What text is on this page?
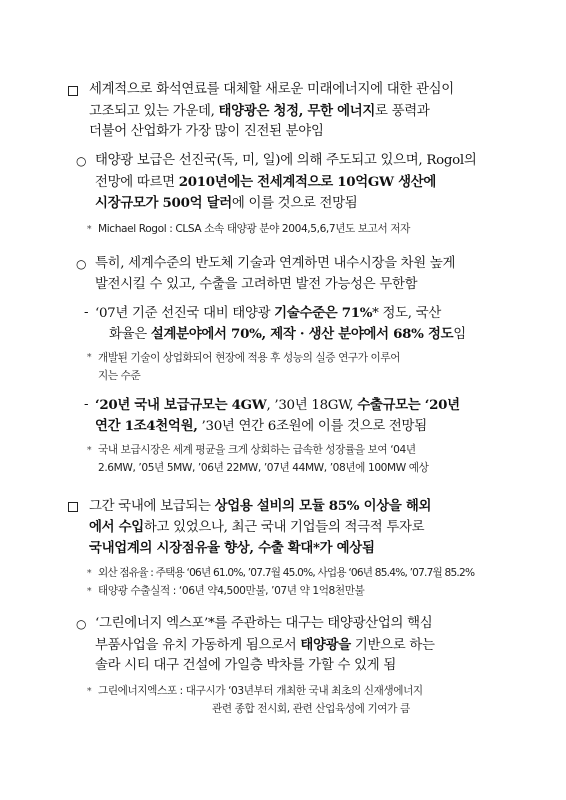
세계적으로 화석연료를 대체할 새로운 미래에너지에 대한 관심이
고조되고 있는 가운데, 태양광은 청정, 무한 에너지로 풍력과
더불어 산업화가 가장 많이 진전된 분야임
○ 태양광 보급은 선진국(독, 미, 일)에 의해 주도되고 있으며, Rogol의
전망에 따르면 2010년에는 전세계적으로 10억GW 생산에
시장규모가 500억 달러에 이를 것으로 전망됨
* Michael Rogol : CLSA 소속 태양광 분야 2004,5,6,7년도 보고서 저자
○ 특히, 세계수준의 반도체 기술과 연계하면 내수시장을 차원 높게
발전시킬 수 있고, 수출을 고려하면 발전 가능성은 무한함
- ‘07년 기준 선진국 대비 태양광 기술수준은 71%* 정도, 국산
화율은 설계분야에서 70%, 제작 · 생산 분야에서 68% 정도임
* 개발된 기술이 상업화되어 현장에 적용 후 성능의 실증 연구가 이루어
지는 수준
- ‘20년 국내 보급규모는 4GW, ’30년 18GW, 수출규모는 ‘20년
연간 1조4천억원, ’30년 연간 6조원에 이를 것으로 전망됨
* 국내 보급시장은 세계 평균을 크게 상회하는 급속한 성장률을 보여 ‘04년
2.6MW, ’05년 5MW, ’06년 22MW, ’07년 44MW, ’08년에 100MW 예상
그간 국내에 보급되는 상업용 설비의 모듈 85% 이상을 해외
에서 수입하고 있었으나, 최근 국내 기업들의 적극적 투자로
국내업계의 시장점유율 향상, 수출 확대*가 예상됨
* 외산 점유율 : 주택용 ‘06년 61.0%, ’07.7월 45.0%, 사업용 ‘06년 85.4%, ’07.7월 85.2%
* 태양광 수출실적 : ‘06년 약4,500만불, ’07년 약 1억8천만불
○ ‘그린에너지 엑스포’*를 주관하는 대구는 태양광산업의 핵심
부품사업을 유치 가동하게 됨으로서 태양광을 기반으로 하는
솔라 시티 대구 건설에 가일층 박차를 가할 수 있게 됨
* 그린에너지엑스포 : 대구시가 ‘03년부터 개최한 국내 최초의 신재생에너지
관련 종합 전시회, 관련 산업육성에 기여가 큼
